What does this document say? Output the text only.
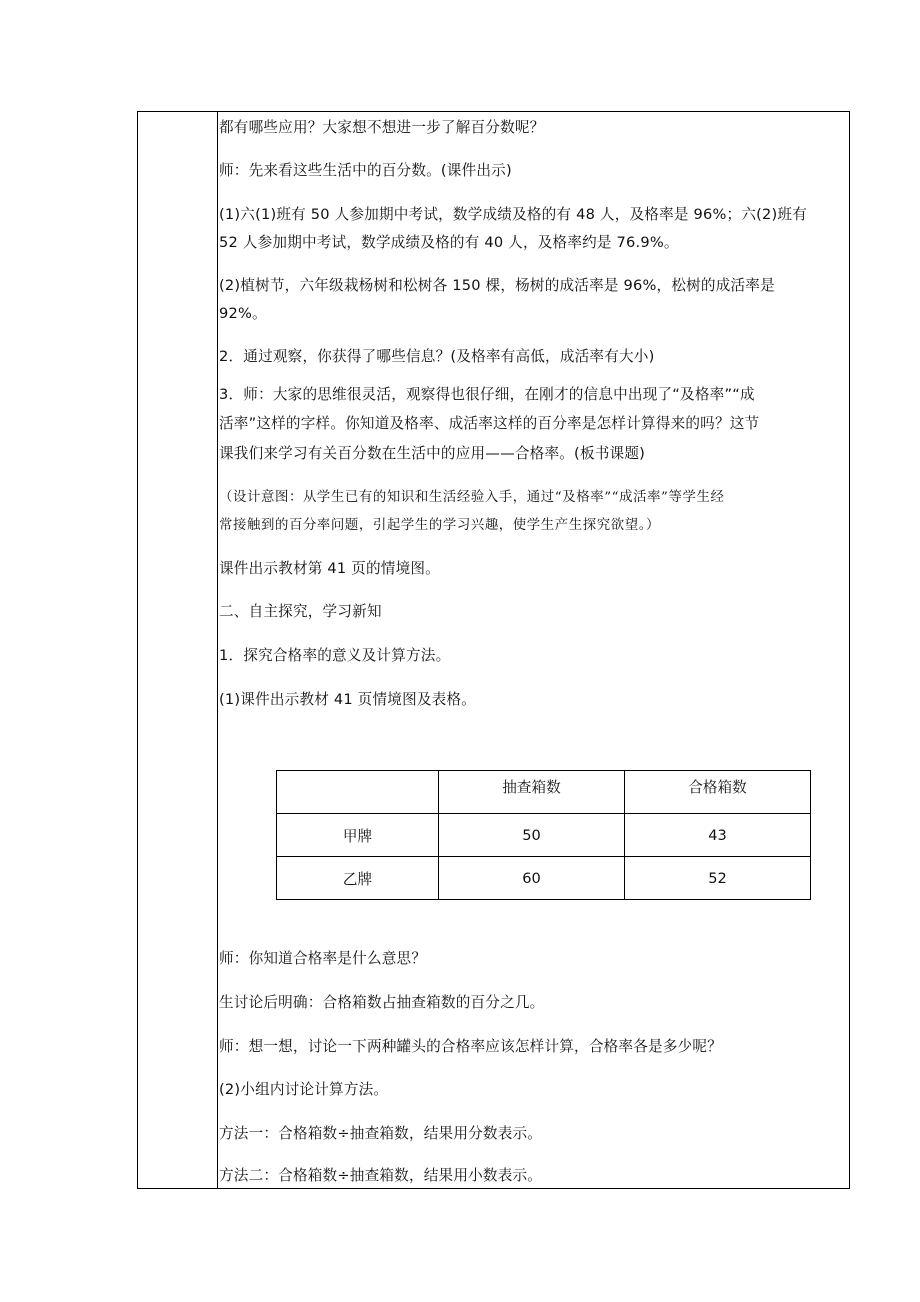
都有哪些应用？大家想不想进一步了解百分数呢？
师：先来看这些生活中的百分数。(课件出示)
(1)六(1)班有 50 人参加期中考试，数学成绩及格的有 48 人，及格率是 96%；六(2)班有
52 人参加期中考试，数学成绩及格的有 40 人，及格率约是 76.9%。
(2)植树节，六年级栽杨树和松树各 150 棵，杨树的成活率是 96%，松树的成活率是
92%。
2．通过观察，你获得了哪些信息？(及格率有高低，成活率有大小)
3．师：大家的思维很灵活，观察得也很仔细，在刚才的信息中出现了“及格率”“成
活率”这样的字样。你知道及格率、成活率这样的百分率是怎样计算得来的吗？这节
课我们来学习有关百分数在生活中的应用——合格率。(板书课题)
（设计意图：从学生已有的知识和生活经验入手，通过“及格率”“成活率”等学生经
常接触到的百分率问题，引起学生的学习兴趣，使学生产生探究欲望。）
课件出示教材第 41 页的情境图。
二、自主探究，学习新知
1．探究合格率的意义及计算方法。
(1)课件出示教材 41 页情境图及表格。
	抽查箱数	合格箱数
甲牌	50	43
乙牌	60	52
师：你知道合格率是什么意思？
生讨论后明确：合格箱数占抽查箱数的百分之几。
师：想一想，讨论一下两种罐头的合格率应该怎样计算，合格率各是多少呢？
(2)小组内讨论计算方法。
方法一：合格箱数÷抽查箱数，结果用分数表示。
方法二：合格箱数÷抽查箱数，结果用小数表示。
